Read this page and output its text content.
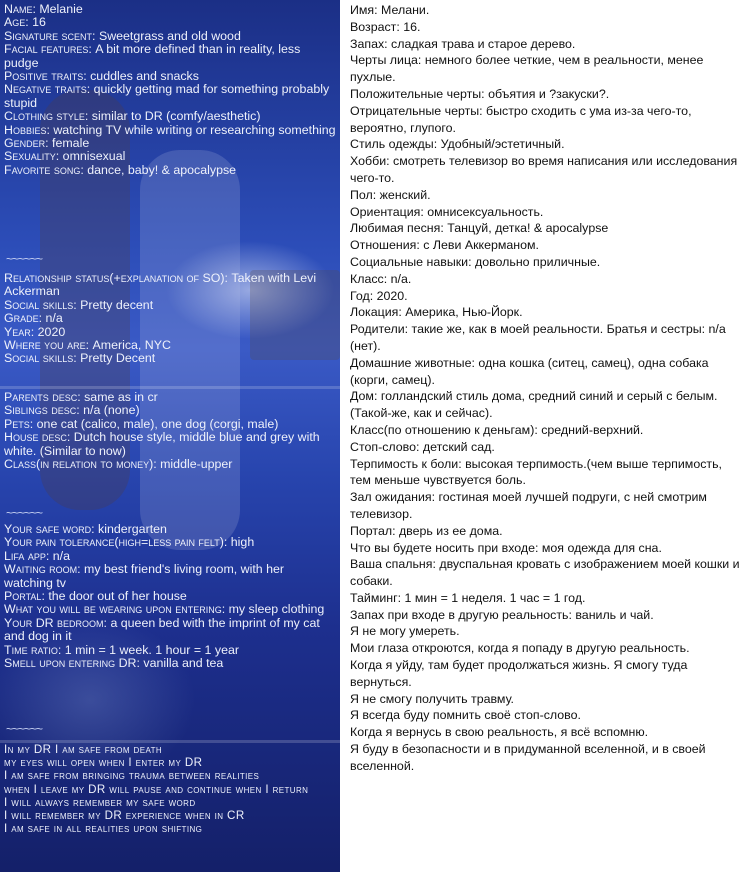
Name: Melanie
Age: 16
Signature scent: Sweetgrass and old wood
Facial features: A bit more defined than in reality, less pudge
Positive traits: cuddles and snacks
Negative traits: quickly getting mad for something probably stupid
Clothing style: similar to DR (comfy/aesthetic)
Hobbies: watching TV while writing or researching something
Gender: female
Sexuality: omnisexual
Favorite song: dance, baby! & apocalypse
~~~~~~
Relationship status(+explanation of SO): Taken with Levi Ackerman
Social skills: Pretty decent
Grade: n/a
Year: 2020
Where you are: America, NYC
Social skills: Pretty Decent
Parents desc: same as in cr
Siblings desc: n/a (none)
Pets: one cat (calico, male), one dog (corgi, male)
House desc: Dutch house style, middle blue and grey with white. (Similar to now)
Class(in relation to money): middle-upper
~~~~~~
Your safe word: kindergarten
Your pain tolerance(high=less pain felt): high
Lifa app: n/a
Waiting room: my best friend's living room, with her watching tv
Portal: the door out of her house
What you will be wearing upon entering: my sleep clothing
Your DR bedroom: a queen bed with the imprint of my cat and dog in it
Time ratio: 1 min = 1 week. 1 hour = 1 year
Smell upon entering DR: vanilla and tea
~~~~~~
In my DR I am safe from death
my eyes will open when I enter my DR
I am safe from bringing trauma between realities
when I leave my DR will pause and continue when I return
I will always remember my safe word
I will remember my DR experience when in CR
I am safe in all realities upon shifting
Имя: Мелани.
Возраст: 16.
Запах: сладкая трава и старое дерево.
Черты лица: немного более четкие, чем в реальности, менее пухлые.
Положительные черты: объятия и ?закуски?.
Отрицательные черты: быстро сходить с ума из-за чего-то, вероятно, глупого.
Стиль одежды: Удобный/эстетичный.
Хобби: смотреть телевизор во время написания или исследования чего-то.
Пол: женский.
Ориентация: омнисексуальность.
Любимая песня: Танцуй, детка! & apocalypse
Отношения: с Леви Аккерманом.
Социальные навыки: довольно приличные.
Класс: n/a.
Год: 2020.
Локация: Америка, Нью-Йорк.
Родители: такие же, как в моей реальности. Братья и сестры: n/a (нет).
Домашние животные: одна кошка (ситец, самец), одна собака (корги, самец).
Дом: голландский стиль дома, средний синий и серый с белым. (Такой-же, как и сейчас).
Класс(по отношению к деньгам): средний-верхний.
Стоп-слово: детский сад.
Терпимость к боли: высокая терпимость.(чем выше терпимость, тем меньше чувствуется боль.
Зал ожидания: гостиная моей лучшей подруги, с ней смотрим телевизор.
Портал: дверь из ее дома.
Что вы будете носить при входе: моя одежда для сна.
Ваша спальня: двуспальная кровать с изображением моей кошки и собаки.
Тайминг: 1 мин = 1 неделя. 1 час = 1 год.
Запах при входе в другую реальность: ваниль и чай.
Я не могу умереть.
Мои глаза откроются, когда я попаду в другую реальность.
Когда я уйду, там будет продолжаться жизнь. Я смогу туда вернуться.
Я не смогу получить травму.
Я всегда буду помнить своё стоп-слово.
Когда я вернусь в свою реальность, я всё вспомню.
Я буду в безопасности и в придуманной вселенной, и в своей вселенной.
